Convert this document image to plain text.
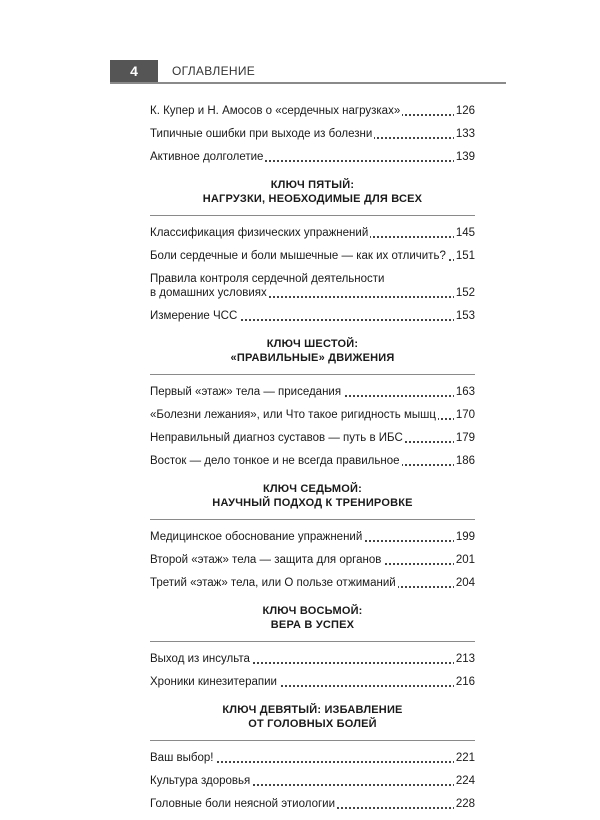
4	ОГЛАВЛЕНИЕ
К. Купер и Н. Амосов о «сердечных нагрузках»	126
Типичные ошибки при выходе из болезни	133
Активное долголетие	139
КЛЮЧ ПЯТЫЙ:
НАГРУЗКИ, НЕОБХОДИМЫЕ ДЛЯ ВСЕХ
Классификация физических упражнений	145
Боли сердечные и боли мышечные — как их отличить? 151
Правила контроля сердечной деятельности
в домашних условиях	152
Измерение ЧСС	153
КЛЮЧ ШЕСТОЙ:
«ПРАВИЛЬНЫЕ» ДВИЖЕНИЯ
Первый «этаж» тела — приседания	163
«Болезни лежания», или Что такое ригидность мышц 170
Неправильный диагноз суставов — путь в ИБС	179
Восток — дело тонкое и не всегда правильное	186
КЛЮЧ СЕДЬМОЙ:
НАУЧНЫЙ ПОДХОД К ТРЕНИРОВКЕ
Медицинское обоснование упражнений	199
Второй «этаж» тела — защита для органов	201
Третий «этаж» тела, или О пользе отжиманий	204
КЛЮЧ ВОСЬМОЙ:
ВЕРА В УСПЕХ
Выход из инсульта	213
Хроники кинезитерапии	216
КЛЮЧ ДЕВЯТЫЙ: ИЗБАВЛЕНИЕ
ОТ ГОЛОВНЫХ БОЛЕЙ
Ваш выбор!	221
Культура здоровья	224
Головные боли неясной этиологии	228
